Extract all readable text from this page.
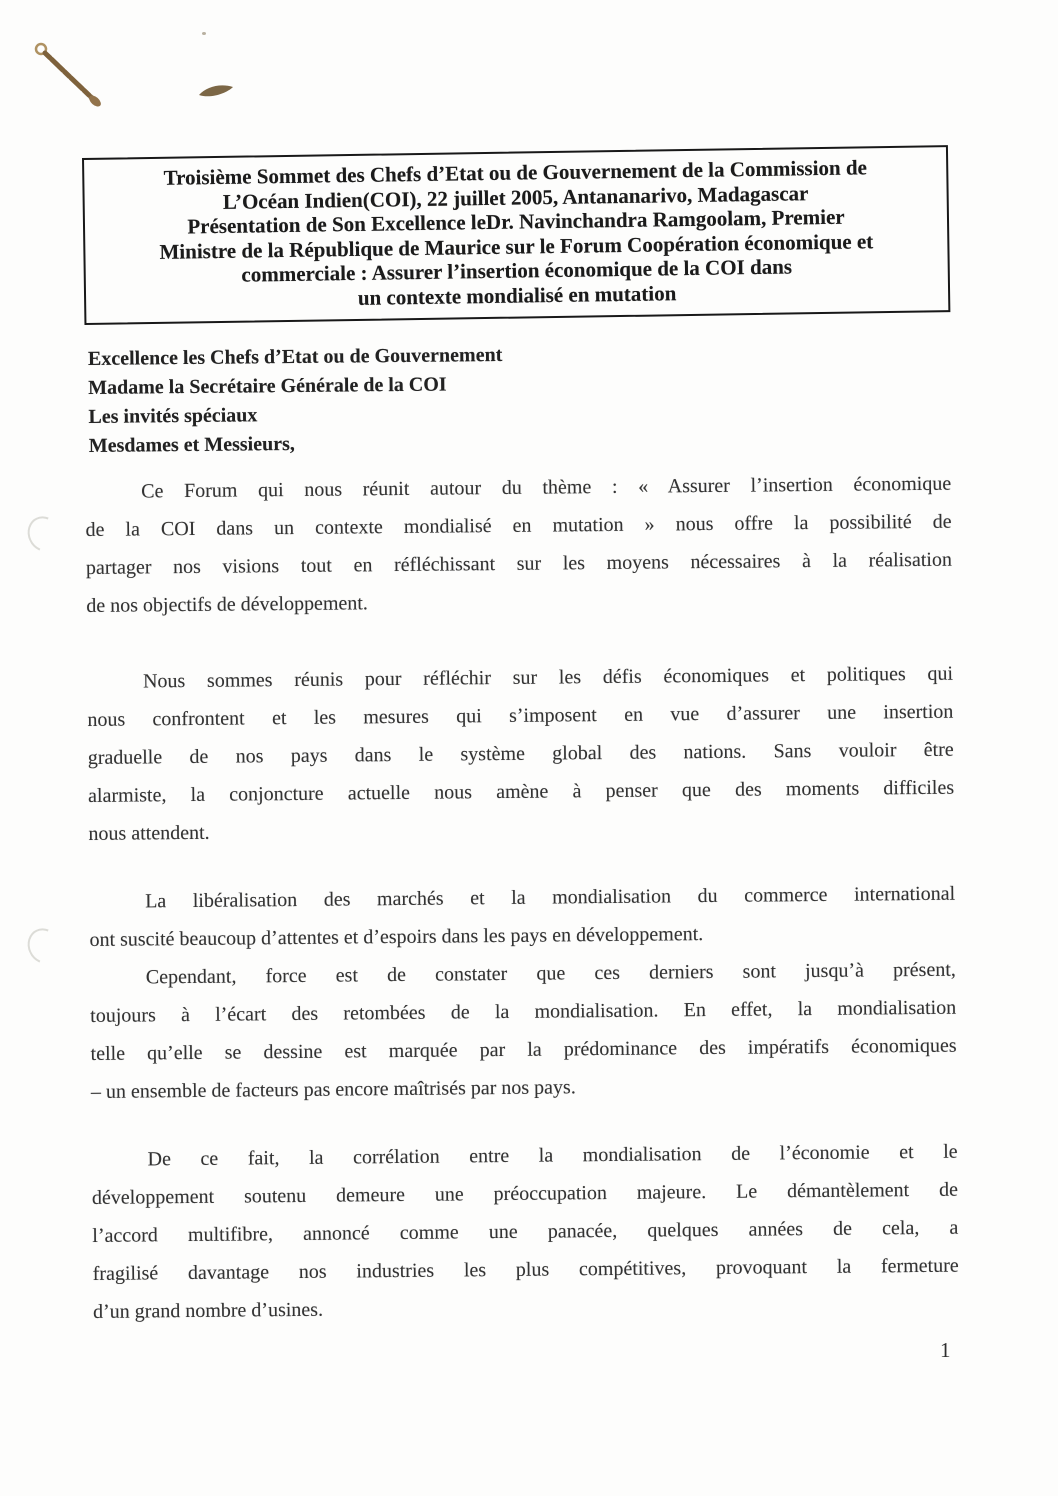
Troisième Sommet des Chefs d’Etat ou de Gouvernement de la Commission de
L’Océan Indien(COI), 22 juillet 2005, Antananarivo, Madagascar
Présentation de Son Excellence leDr. Navinchandra Ramgoolam, Premier
Ministre de la République de Maurice sur le Forum Coopération économique et
commerciale : Assurer l’insertion économique de la COI dans
un contexte mondialisé en mutation
Excellence les Chefs d’Etat ou de Gouvernement
Madame la Secrétaire Générale de la COI
Les invités spéciaux
Mesdames et Messieurs,
Ce Forum qui nous réunit autour du thème : « Assurer l’insertion économique
de la COI dans un contexte mondialisé en mutation » nous offre la possibilité de
partager nos visions tout en réfléchissant sur les moyens nécessaires à la réalisation
de nos objectifs de développement.
Nous sommes réunis pour réfléchir sur les défis économiques et politiques qui
nous confrontent et les mesures qui s’imposent en vue d’assurer une insertion
graduelle de nos pays dans le système global des nations. Sans vouloir être
alarmiste, la conjoncture actuelle nous amène à penser que des moments difficiles
nous attendent.
La libéralisation des marchés et la mondialisation du commerce international
ont suscité beaucoup d’attentes et d’espoirs dans les pays en développement.
Cependant, force est de constater que ces derniers sont jusqu’à présent,
toujours à l’écart des retombées de la mondialisation. En effet, la mondialisation
telle qu’elle se dessine est marquée par la prédominance des impératifs économiques
– un ensemble de facteurs pas encore maîtrisés par nos pays.
De ce fait, la corrélation entre la mondialisation de l’économie et le
développement soutenu demeure une préoccupation majeure. Le démantèlement de
l’accord multifibre, annoncé comme une panacée, quelques années de cela, a
fragilisé davantage nos industries les plus compétitives, provoquant la fermeture
d’un grand nombre d’usines.
1
